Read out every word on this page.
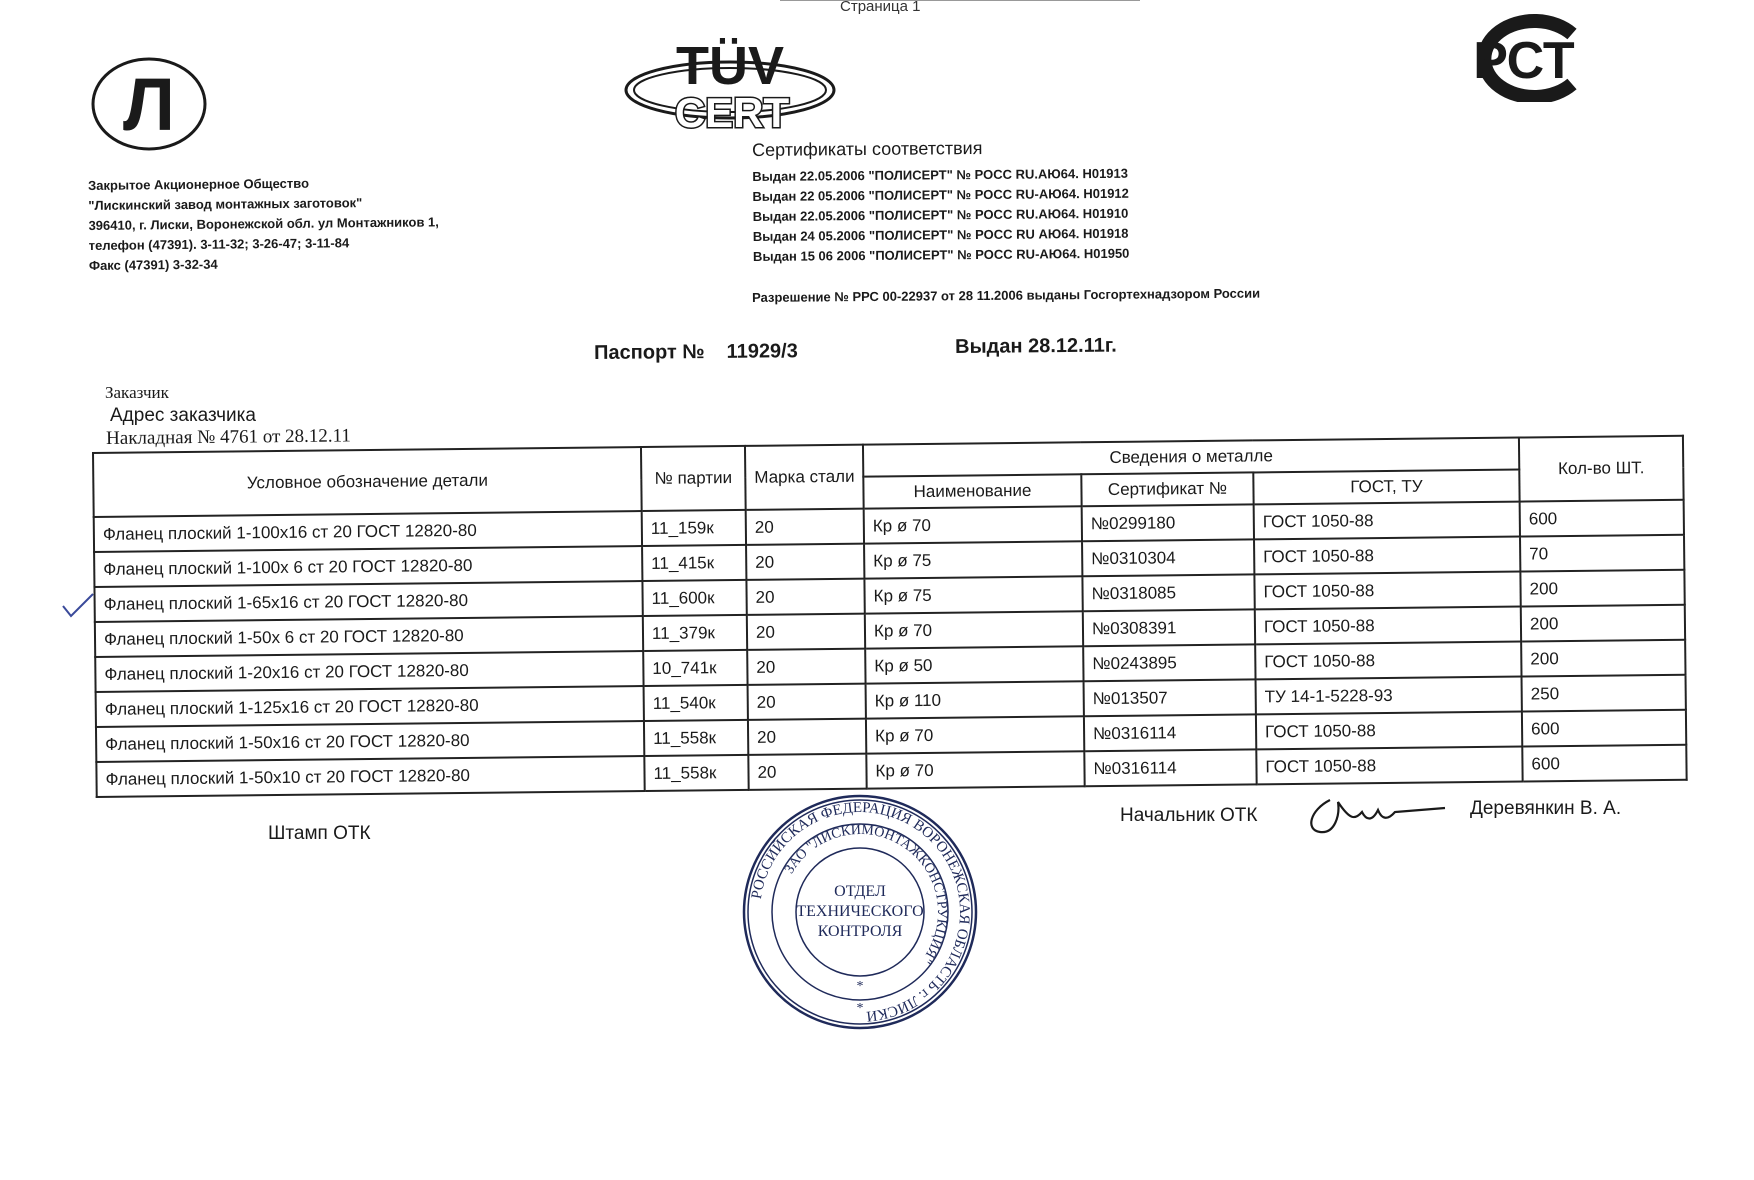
Страница 1
Л	TÜV
CERT
РСТ
Закрытое Акционерное Общество
"Лискинский завод монтажных заготовок"
396410, г. Лиски, Воронежской обл. ул Монтажников 1,
телефон (47391). 3-11-32; 3-26-47; 3-11-84
Факс (47391) 3-32-34
Сертификаты соответствия
Выдан 22.05.2006 "ПОЛИСЕРТ" № РОСС RU.АЮ64. Н01913
Выдан 22 05.2006 "ПОЛИСЕРТ" № РОСС RU-АЮ64. Н01912
Выдан 22.05.2006 "ПОЛИСЕРТ" № РОСС RU.АЮ64. Н01910
Выдан 24 05.2006 "ПОЛИСЕРТ" № РОСС RU АЮ64. Н01918
Выдан 15 06 2006 "ПОЛИСЕРТ" № РОСС RU-АЮ64. Н01950
Разрешение № РРС 00-22937 от 28 11.2006 выданы Госгортехнадзором России
Паспорт № 11929/3	Выдан 28.12.11г.
Заказчик
Адрес заказчика
Накладная № 4761 от 28.12.11
Условное обозначение детали	№ партии	Марка стали	Сведения о металле			Кол-во ШТ.
			Наименование	Сертификат №	ГОСТ, ТУ	
Фланец плоский 1-100х16 ст 20 ГОСТ 12820-80	11_159к	20	Кр ø 70	№0299180	ГОСТ 1050-88	600
Фланец плоский 1-100х 6 ст 20 ГОСТ 12820-80	11_415к	20	Кр ø 75	№0310304	ГОСТ 1050-88	70
Фланец плоский 1-65х16 ст 20 ГОСТ 12820-80	11_600к	20	Кр ø 75	№0318085	ГОСТ 1050-88	200
Фланец плоский 1-50х 6 ст 20 ГОСТ 12820-80	11_379к	20	Кр ø 70	№0308391	ГОСТ 1050-88	200
Фланец плоский 1-20х16 ст 20 ГОСТ 12820-80	10_741к	20	Кр ø 50	№0243895	ГОСТ 1050-88	200
Фланец плоский 1-125х16 ст 20 ГОСТ 12820-80	11_540к	20	Кр ø 110	№013507	ТУ 14-1-5228-93	250
Фланец плоский 1-50х16 ст 20 ГОСТ 12820-80	11_558к	20	Кр ø 70	№0316114	ГОСТ 1050-88	600
Фланец плоский 1-50х10 ст 20 ГОСТ 12820-80	11_558к	20	Кр ø 70	№0316114	ГОСТ 1050-88	600
Штамп ОТК
Начальник ОТК	Деревянкин В. А.
РОССИЙСКАЯ ФЕДЕРАЦИЯ ВОРОНЕЖСКАЯ ОБЛАСТЬ г. ЛИСКИ
ЗАО "ЛИСКИМОНТАЖКОНСТРУКЦИЯ"
ОТДЕЛ
ТЕХНИЧЕСКОГО
КОНТРОЛЯ
*
*
